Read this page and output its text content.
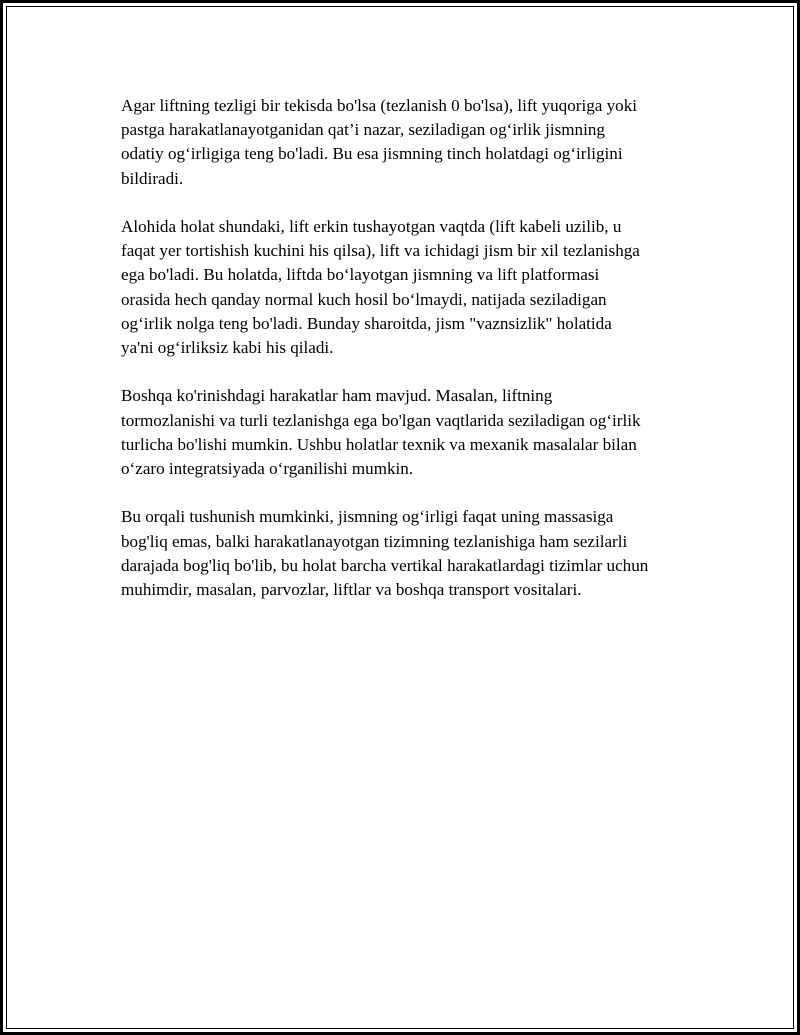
Agar liftning tezligi bir tekisda bo'lsa (tezlanish 0 bo'lsa), lift yuqoriga yoki
pastga harakatlanayotganidan qat’i nazar, seziladigan og‘irlik jismning
odatiy og‘irligiga teng bo'ladi. Bu esa jismning tinch holatdagi og‘irligini
bildiradi.

Alohida holat shundaki, lift erkin tushayotgan vaqtda (lift kabeli uzilib, u
faqat yer tortishish kuchini his qilsa), lift va ichidagi jism bir xil tezlanishga
ega bo'ladi. Bu holatda, liftda bo‘layotgan jismning va lift platformasi
orasida hech qanday normal kuch hosil bo‘lmaydi, natijada seziladigan
og‘irlik nolga teng bo'ladi. Bunday sharoitda, jism "vaznsizlik" holatida
ya'ni og‘irliksiz kabi his qiladi.

Boshqa ko'rinishdagi harakatlar ham mavjud. Masalan, liftning
tormozlanishi va turli tezlanishga ega bo'lgan vaqtlarida seziladigan og‘irlik
turlicha bo'lishi mumkin. Ushbu holatlar texnik va mexanik masalalar bilan
o‘zaro integratsiyada o‘rganilishi mumkin.

Bu orqali tushunish mumkinki, jismning og‘irligi faqat uning massasiga
bog'liq emas, balki harakatlanayotgan tizimning tezlanishiga ham sezilarli
darajada bog'liq bo'lib, bu holat barcha vertikal harakatlardagi tizimlar uchun
muhimdir, masalan, parvozlar, liftlar va boshqa transport vositalari.
